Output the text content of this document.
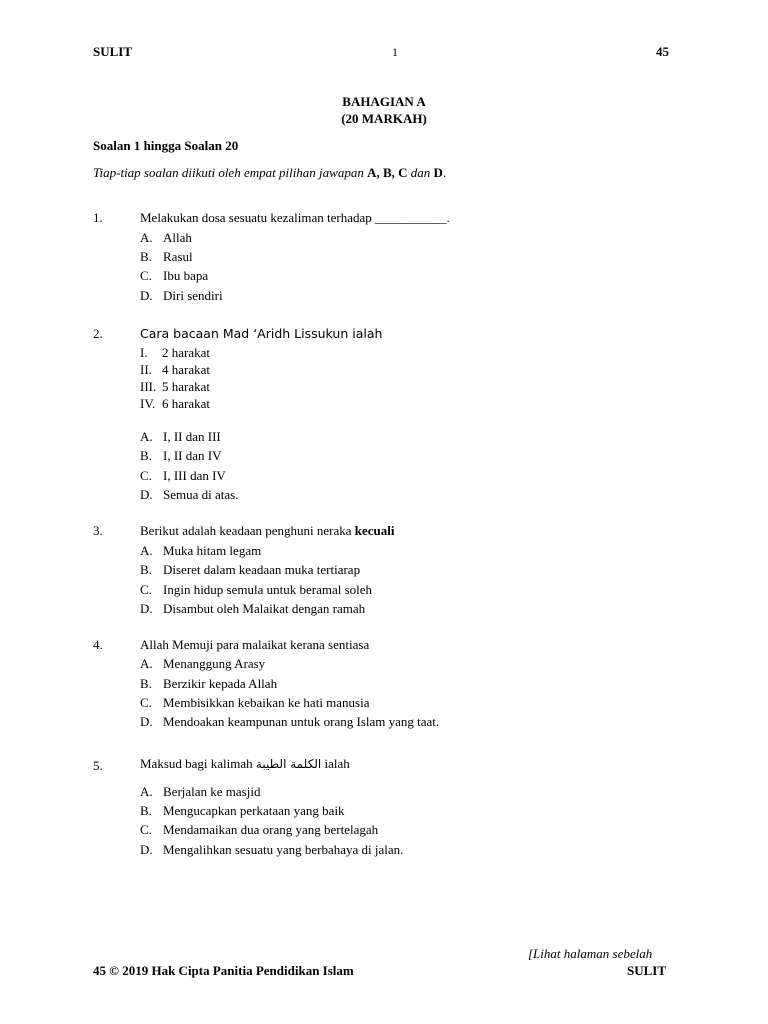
SULIT	1	45
BAHAGIAN A
(20 MARKAH)
Soalan 1 hingga Soalan 20
Tiap-tiap soalan diikuti oleh empat pilihan jawapan A, B, C dan D.
1.	Melakukan dosa sesuatu kezaliman terhadap ___________.
A. Allah
B. Rasul
C. Ibu bapa
D. Diri sendiri
2.	Cara bacaan Mad ‘Aridh Lissukun ialah
I. 2 harakat
II. 4 harakat
III. 5 harakat
IV. 6 harakat
A. I, II dan III
B. I, II dan IV
C. I, III dan IV
D. Semua di atas.
3.	Berikut adalah keadaan penghuni neraka kecuali
A. Muka hitam legam
B. Diseret dalam keadaan muka tertiarap
C. Ingin hidup semula untuk beramal soleh
D. Disambut oleh Malaikat dengan ramah
4.	Allah Memuji para malaikat kerana sentiasa
A. Menanggung Arasy
B. Berzikir kepada Allah
C. Membisikkan kebaikan ke hati manusia
D. Mendoakan keampunan untuk orang Islam yang taat.
5.	Maksud bagi kalimah الكلمة الطيبة ialah
A. Berjalan ke masjid
B. Mengucapkan perkataan yang baik
C. Mendamaikan dua orang yang bertelagah
D. Mengalihkan sesuatu yang berbahaya di jalan.
[Lihat halaman sebelah
45 © 2019 Hak Cipta Panitia Pendidikan Islam	SULIT
